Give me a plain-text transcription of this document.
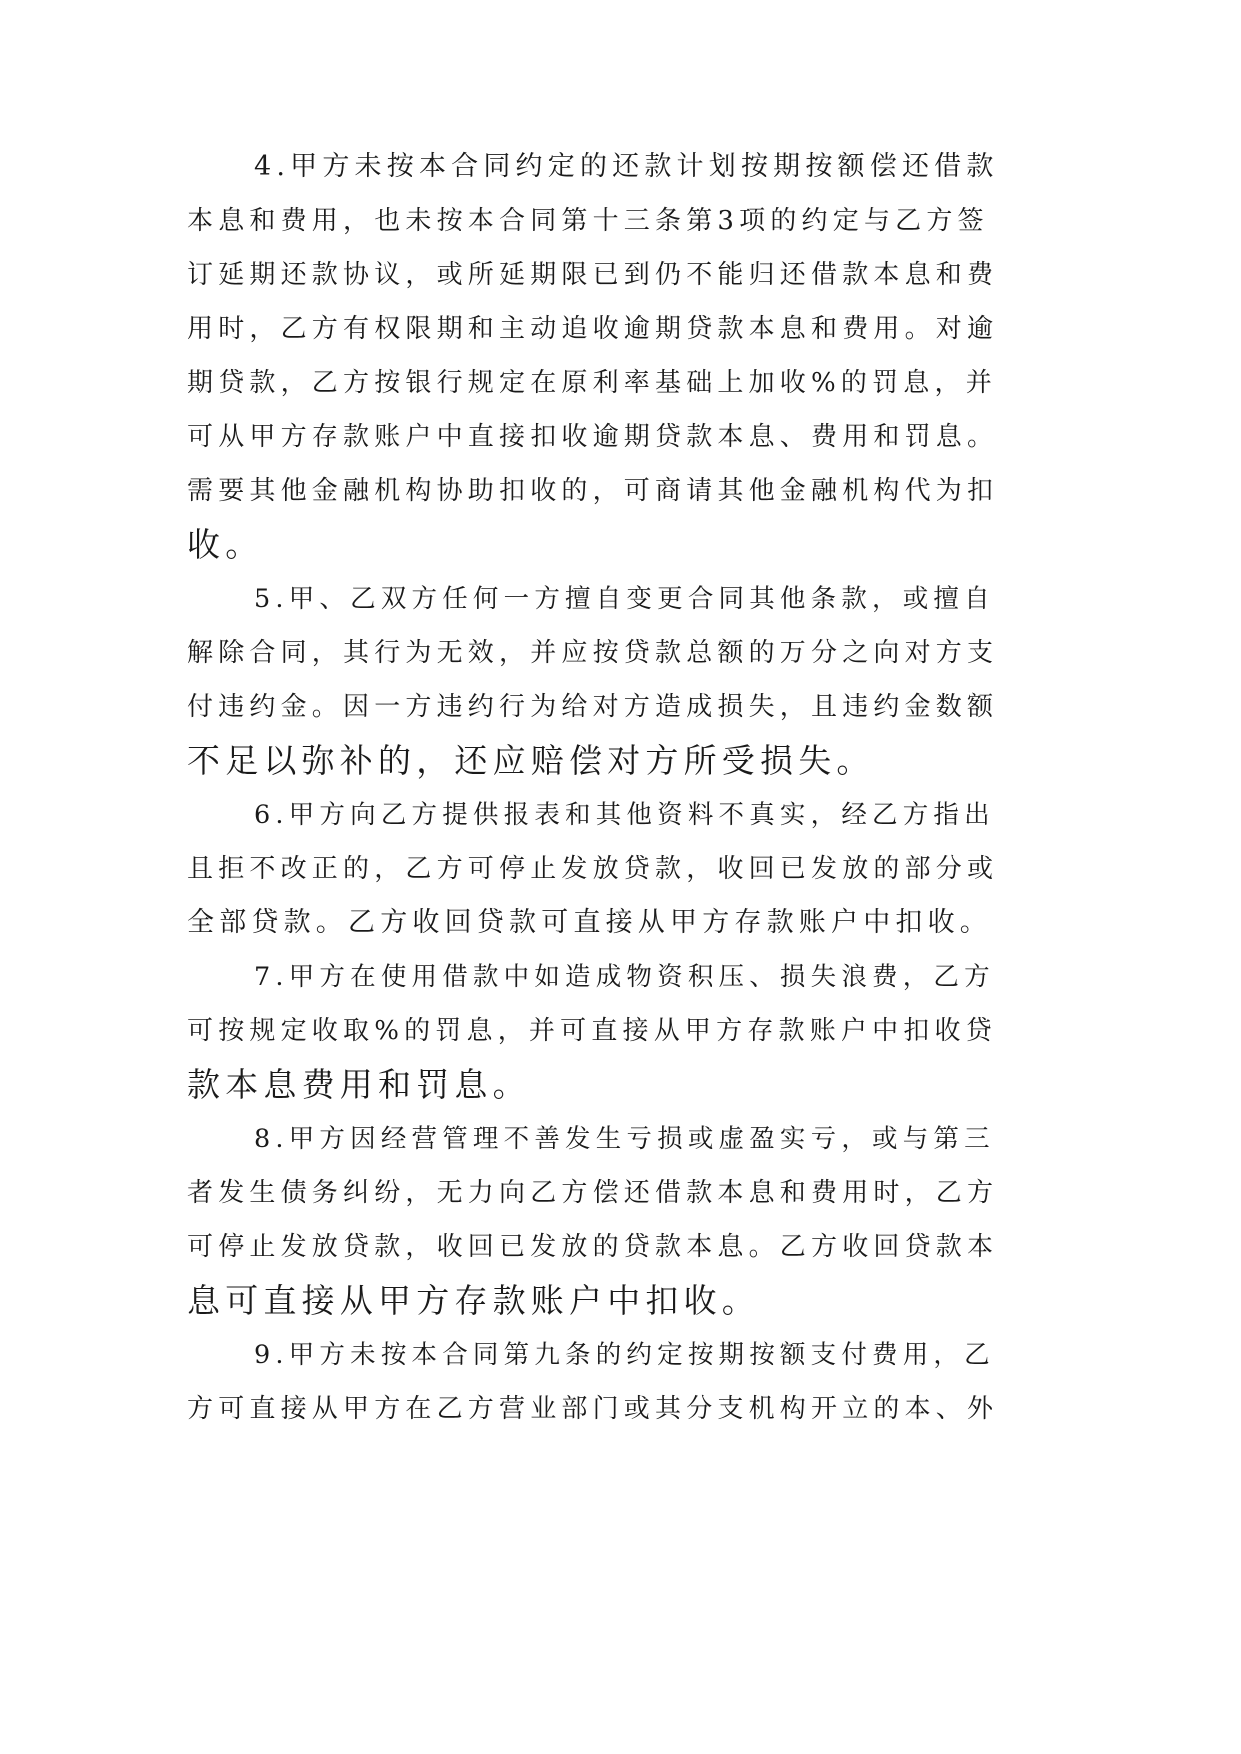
4.甲方未按本合同约定的还款计划按期按额偿还借款
本息和费用，也未按本合同第十三条第3项的约定与乙方签
订延期还款协议，或所延期限已到仍不能归还借款本息和费
用时，乙方有权限期和主动追收逾期贷款本息和费用。对逾
期贷款，乙方按银行规定在原利率基础上加收%的罚息，并
可从甲方存款账户中直接扣收逾期贷款本息、费用和罚息。
需要其他金融机构协助扣收的，可商请其他金融机构代为扣
收。
5.甲、乙双方任何一方擅自变更合同其他条款，或擅自
解除合同，其行为无效，并应按贷款总额的万分之向对方支
付违约金。因一方违约行为给对方造成损失，且违约金数额
不足以弥补的，还应赔偿对方所受损失。
6.甲方向乙方提供报表和其他资料不真实，经乙方指出
且拒不改正的，乙方可停止发放贷款，收回已发放的部分或
全部贷款。乙方收回贷款可直接从甲方存款账户中扣收。
7.甲方在使用借款中如造成物资积压、损失浪费，乙方
可按规定收取%的罚息，并可直接从甲方存款账户中扣收贷
款本息费用和罚息。
8.甲方因经营管理不善发生亏损或虚盈实亏，或与第三
者发生债务纠纷，无力向乙方偿还借款本息和费用时，乙方
可停止发放贷款，收回已发放的贷款本息。乙方收回贷款本
息可直接从甲方存款账户中扣收。
9.甲方未按本合同第九条的约定按期按额支付费用，乙
方可直接从甲方在乙方营业部门或其分支机构开立的本、外
